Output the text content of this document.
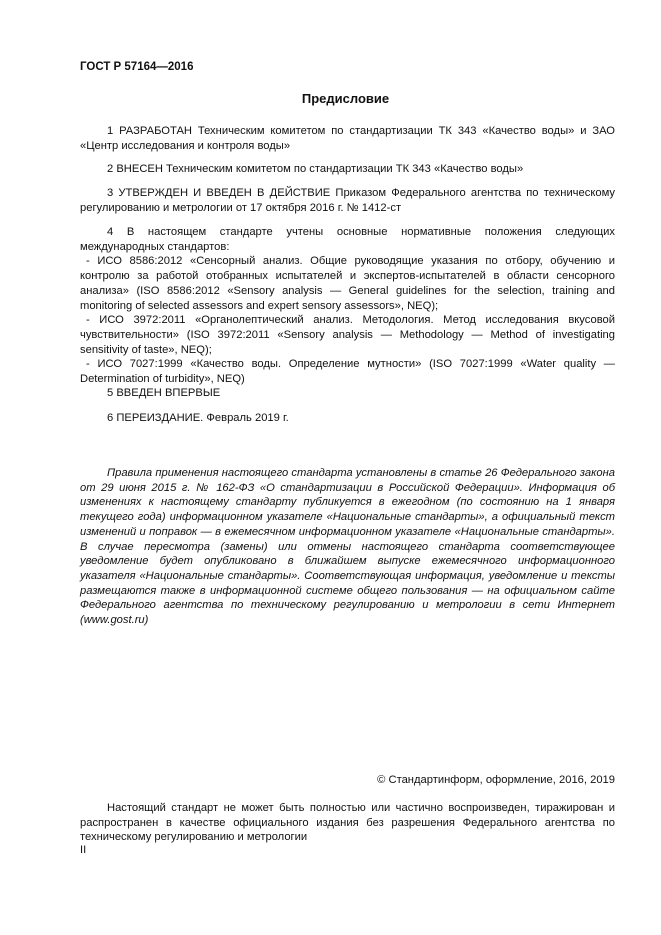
ГОСТ Р 57164—2016
Предисловие

1 РАЗРАБОТАН Техническим комитетом по стандартизации ТК 343 «Качество воды» и ЗАО «Центр исследования и контроля воды»

2 ВНЕСЕН Техническим комитетом по стандартизации ТК 343 «Качество воды»

3 УТВЕРЖДЕН И ВВЕДЕН В ДЕЙСТВИЕ Приказом Федерального агентства по техническому регулированию и метрологии от 17 октября 2016 г. № 1412-ст

4 В настоящем стандарте учтены основные нормативные положения следующих международных стандартов:

- ИСО 8586:2012 «Сенсорный анализ. Общие руководящие указания по отбору, обучению и контролю за работой отобранных испытателей и экспертов-испытателей в области сенсорного анализа» (ISO 8586:2012 «Sensory analysis — General guidelines for the selection, training and monitoring of selected assessors and expert sensory assessors», NEQ);

- ИСО 3972:2011 «Органолептический анализ. Методология. Метод исследования вкусовой чувствительности» (ISO 3972:2011 «Sensory analysis — Methodology — Method of investigating sensitivity of taste», NEQ);

- ИСО 7027:1999 «Качество воды. Определение мутности» (ISO 7027:1999 «Water quality — Determination of turbidity», NEQ)

5 ВВЕДЕН ВПЕРВЫЕ

6 ПЕРЕИЗДАНИЕ. Февраль 2019 г.

Правила применения настоящего стандарта установлены в статье 26 Федерального закона от 29 июня 2015 г. № 162-ФЗ «О стандартизации в Российской Федерации». Информация об изменениях к настоящему стандарту публикуется в ежегодном (по состоянию на 1 января текущего года) информационном указателе «Национальные стандарты», а официальный текст изменений и поправок — в ежемесячном информационном указателе «Национальные стандарты». В случае пересмотра (замены) или отмены настоящего стандарта соответствующее уведомление будет опубликовано в ближайшем выпуске ежемесячного информационного указателя «Национальные стандарты». Соответствующая информация, уведомление и тексты размещаются также в информационной системе общего пользования — на официальном сайте Федерального агентства по техническому регулированию и метрологии в сети Интернет (www.gost.ru)

© Стандартинформ, оформление, 2016, 2019

Настоящий стандарт не может быть полностью или частично воспроизведен, тиражирован и распространен в качестве официального издания без разрешения Федерального агентства по техническому регулированию и метрологии

II
